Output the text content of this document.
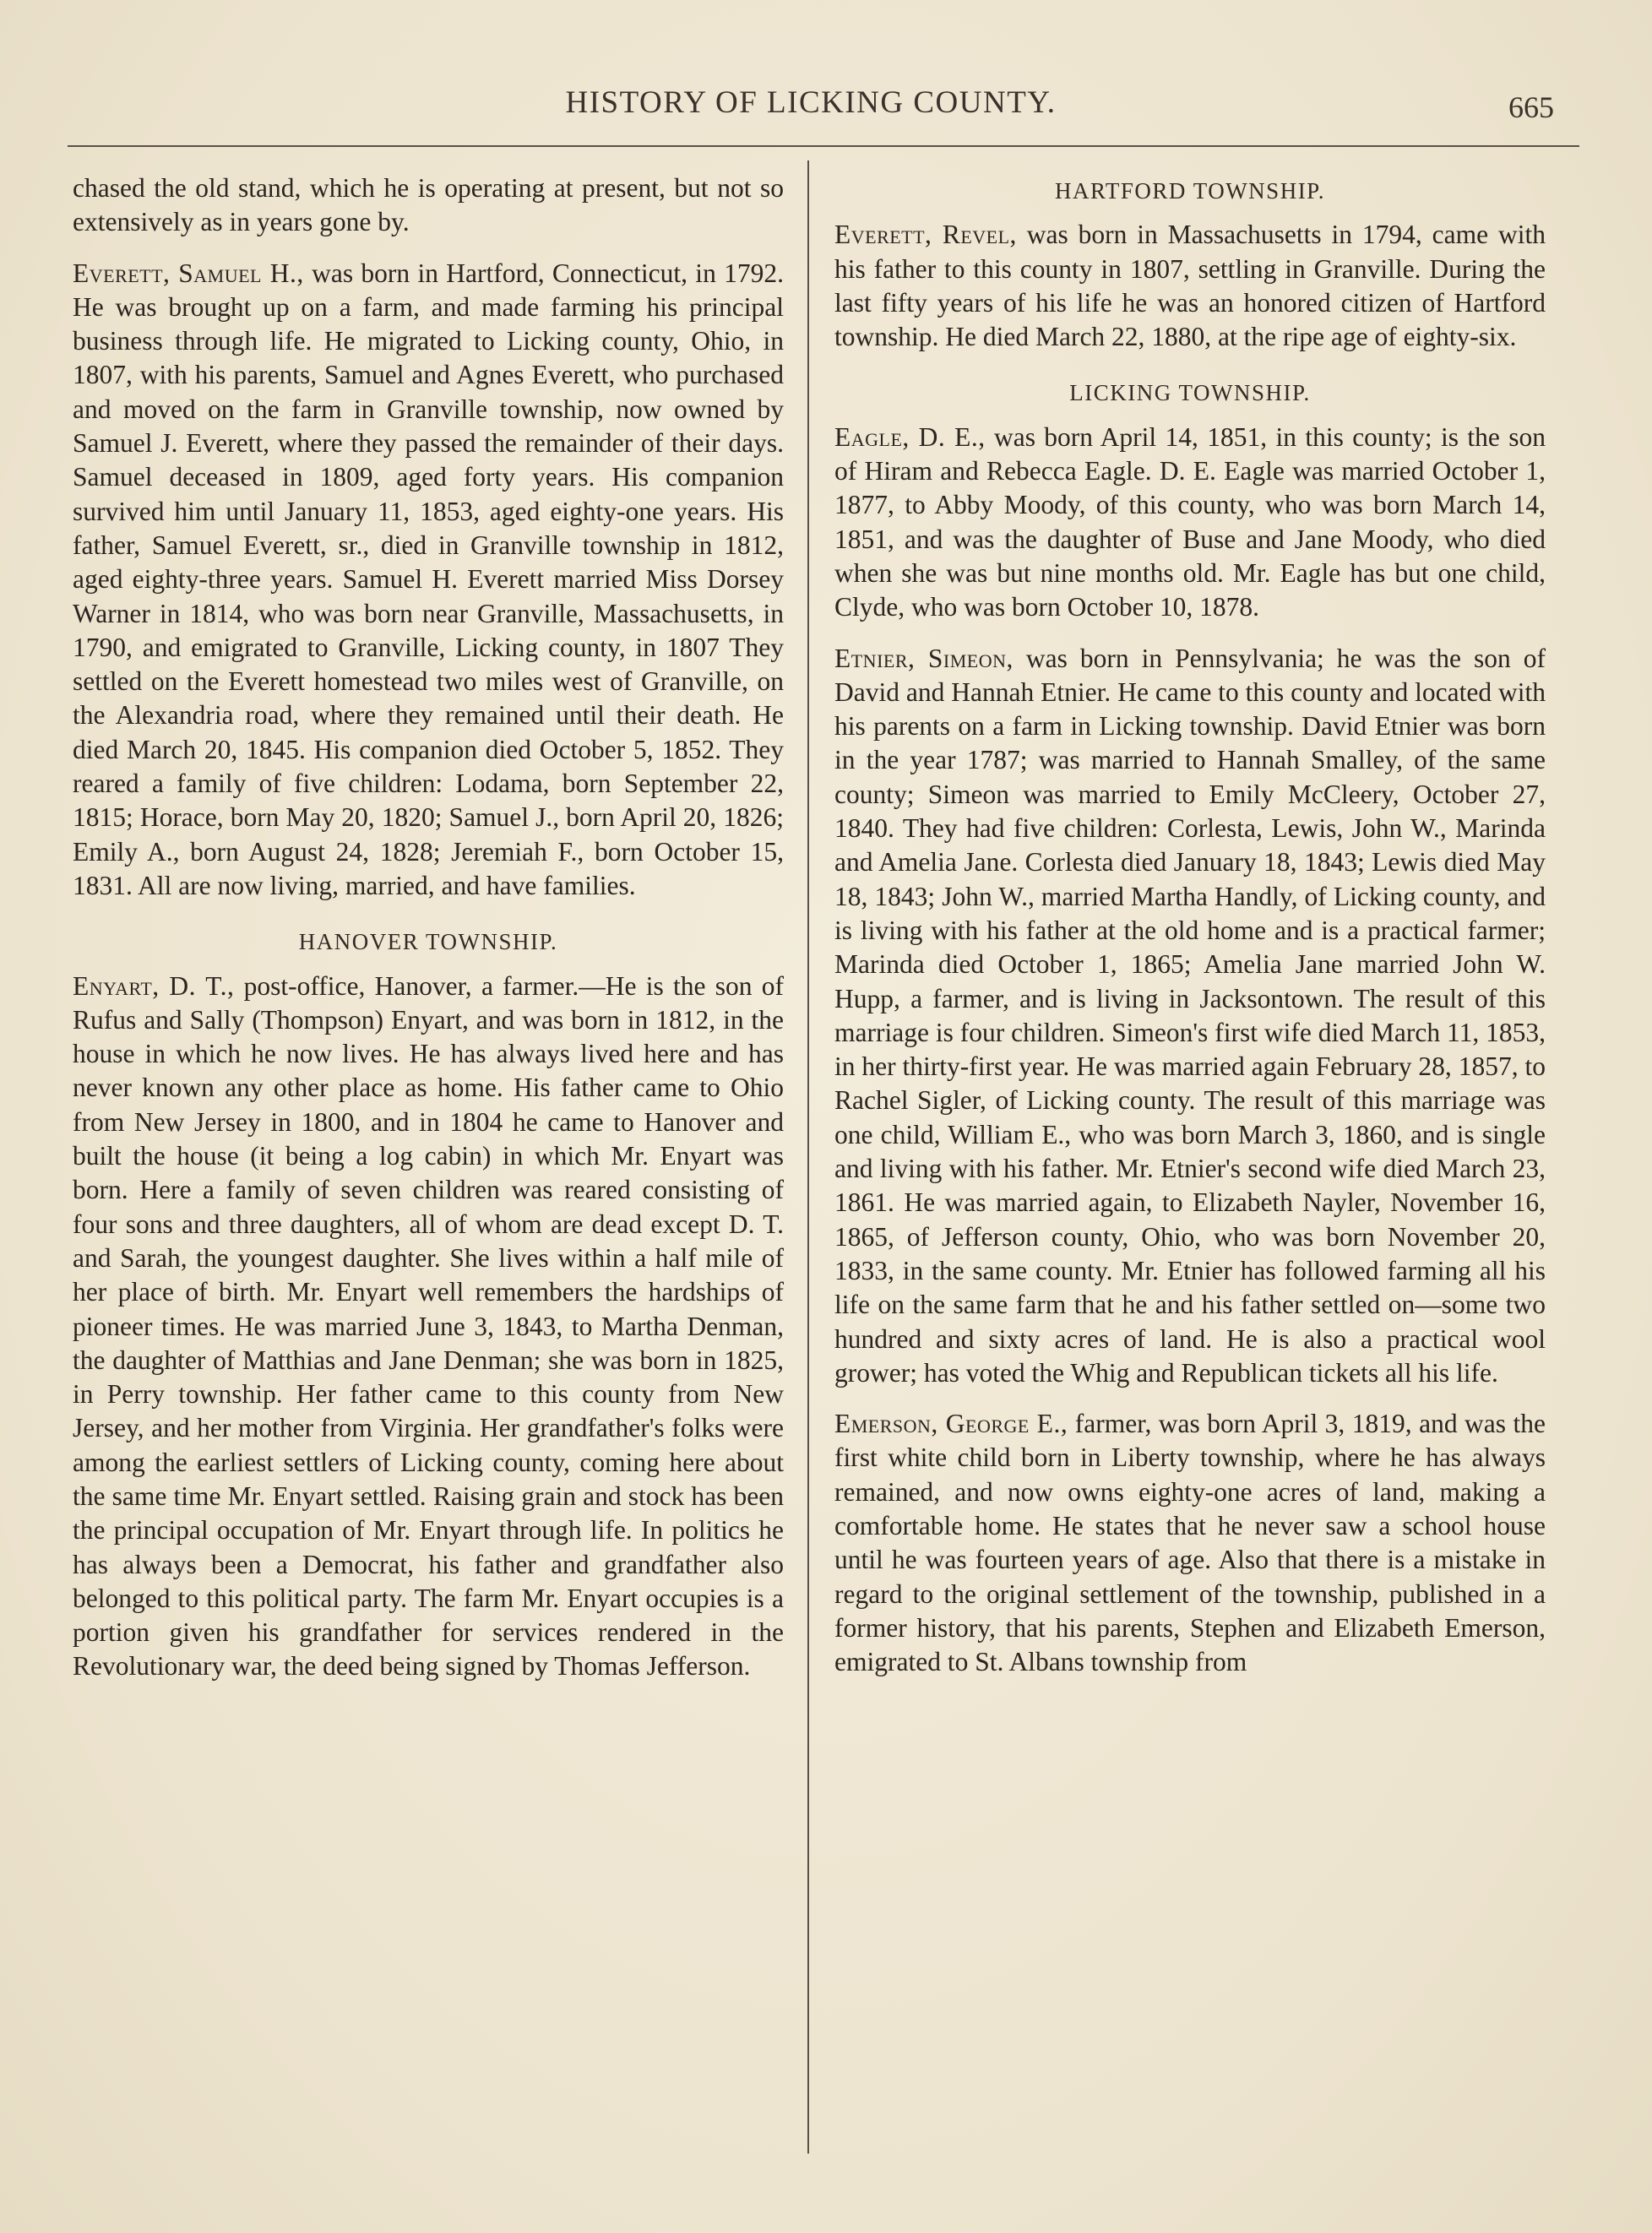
HISTORY OF LICKING COUNTY.	665

chased the old stand, which he is operating at present, but not so extensively as in years gone by.

Everett, Samuel H., was born in Hartford, Connecticut, in 1792. He was brought up on a farm, and made farming his principal business through life. He migrated to Licking county, Ohio, in 1807, with his parents, Samuel and Agnes Everett, who purchased and moved on the farm in Granville township, now owned by Samuel J. Everett, where they passed the remainder of their days. Samuel deceased in 1809, aged forty years. His companion survived him until January 11, 1853, aged eighty-one years. His father, Samuel Everett, sr., died in Granville township in 1812, aged eighty-three years. Samuel H. Everett married Miss Dorsey Warner in 1814, who was born near Granville, Massachusetts, in 1790, and emigrated to Granville, Licking county, in 1807 They settled on the Everett homestead two miles west of Granville, on the Alexandria road, where they remained until their death. He died March 20, 1845. His companion died October 5, 1852. They reared a family of five children: Lodama, born September 22, 1815; Horace, born May 20, 1820; Samuel J., born April 20, 1826; Emily A., born August 24, 1828; Jeremiah F., born October 15, 1831. All are now living, married, and have families.

HANOVER TOWNSHIP.

Enyart, D. T., post-office, Hanover, a farmer.—He is the son of Rufus and Sally (Thompson) Enyart, and was born in 1812, in the house in which he now lives. He has always lived here and has never known any other place as home. His father came to Ohio from New Jersey in 1800, and in 1804 he came to Hanover and built the house (it being a log cabin) in which Mr. Enyart was born. Here a family of seven children was reared consisting of four sons and three daughters, all of whom are dead except D. T. and Sarah, the youngest daughter. She lives within a half mile of her place of birth. Mr. Enyart well remembers the hardships of pioneer times. He was married June 3, 1843, to Martha Denman, the daughter of Matthias and Jane Denman; she was born in 1825, in Perry township. Her father came to this county from New Jersey, and her mother from Virginia. Her grandfather's folks were among the earliest settlers of Licking county, coming here about the same time Mr. Enyart settled. Raising grain and stock has been the principal occupation of Mr. Enyart through life. In politics he has always been a Democrat, his father and grandfather also belonged to this political party. The farm Mr. Enyart occupies is a portion given his grandfather for services rendered in the Revolutionary war, the deed being signed by Thomas Jefferson.

HARTFORD TOWNSHIP.

Everett, Revel, was born in Massachusetts in 1794, came with his father to this county in 1807, settling in Granville. During the last fifty years of his life he was an honored citizen of Hartford township. He died March 22, 1880, at the ripe age of eighty-six.

LICKING TOWNSHIP.

Eagle, D. E., was born April 14, 1851, in this county; is the son of Hiram and Rebecca Eagle. D. E. Eagle was married October 1, 1877, to Abby Moody, of this county, who was born March 14, 1851, and was the daughter of Buse and Jane Moody, who died when she was but nine months old. Mr. Eagle has but one child, Clyde, who was born October 10, 1878.

Etnier, Simeon, was born in Pennsylvania; he was the son of David and Hannah Etnier. He came to this county and located with his parents on a farm in Licking township. David Etnier was born in the year 1787; was married to Hannah Smalley, of the same county; Simeon was married to Emily McCleery, October 27, 1840. They had five children: Corlesta, Lewis, John W., Marinda and Amelia Jane. Corlesta died January 18, 1843; Lewis died May 18, 1843; John W., married Martha Handly, of Licking county, and is living with his father at the old home and is a practical farmer; Marinda died October 1, 1865; Amelia Jane married John W. Hupp, a farmer, and is living in Jacksontown. The result of this marriage is four children. Simeon's first wife died March 11, 1853, in her thirty-first year. He was married again February 28, 1857, to Rachel Sigler, of Licking county. The result of this marriage was one child, William E., who was born March 3, 1860, and is single and living with his father. Mr. Etnier's second wife died March 23, 1861. He was married again, to Elizabeth Nayler, November 16, 1865, of Jefferson county, Ohio, who was born November 20, 1833, in the same county. Mr. Etnier has followed farming all his life on the same farm that he and his father settled on—some two hundred and sixty acres of land. He is also a practical wool grower; has voted the Whig and Republican tickets all his life.

Emerson, George E., farmer, was born April 3, 1819, and was the first white child born in Liberty township, where he has always remained, and now owns eighty-one acres of land, making a comfortable home. He states that he never saw a school house until he was fourteen years of age. Also that there is a mistake in regard to the original settlement of the township, published in a former history, that his parents, Stephen and Elizabeth Emerson, emigrated to St. Albans township from
